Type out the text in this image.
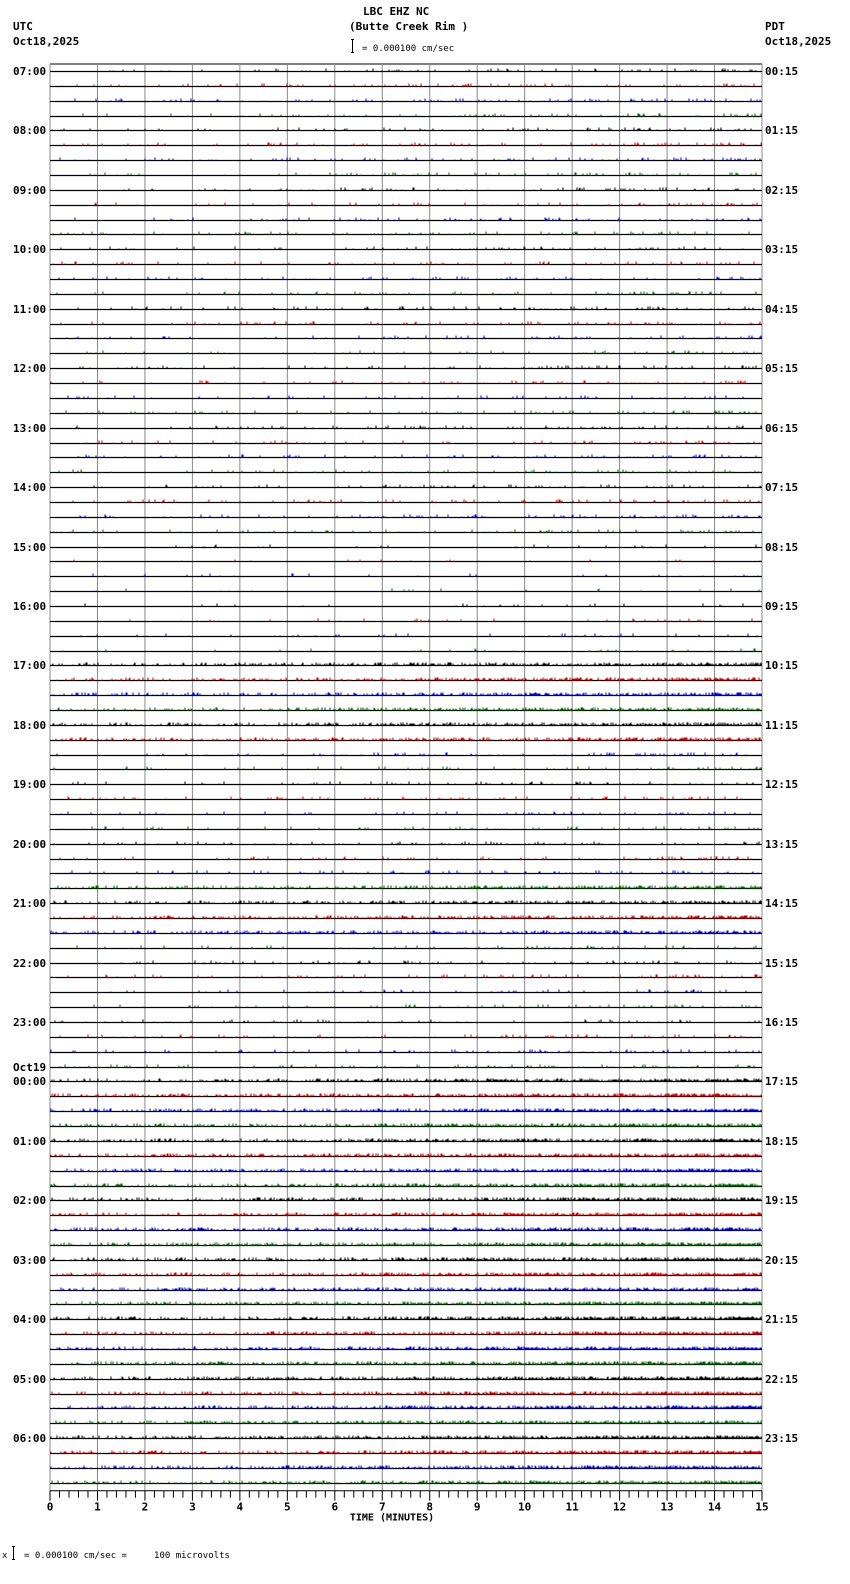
LBC EHZ NC
(Butte Creek Rim )
UTC
Oct18,2025
PDT
Oct18,2025
= 0.000100 cm/sec
0	1	2	3	4	5	6	7	8	9	10	11	12	13	14	15
TIME (MINUTES)
x = 0.000100 cm/sec =     100 microvolts
07:00
08:00
09:00
10:00
11:00
12:00
13:00
14:00
15:00
16:00
17:00
18:00
19:00
20:00
21:00
22:00
23:00
00:00
Oct19
01:00
02:00
03:00
04:00
05:00
06:00
00:15
01:15
02:15
03:15
04:15
05:15
06:15
07:15
08:15
09:15
10:15
11:15
12:15
13:15
14:15
15:15
16:15
17:15
18:15
19:15
20:15
21:15
22:15
23:15
